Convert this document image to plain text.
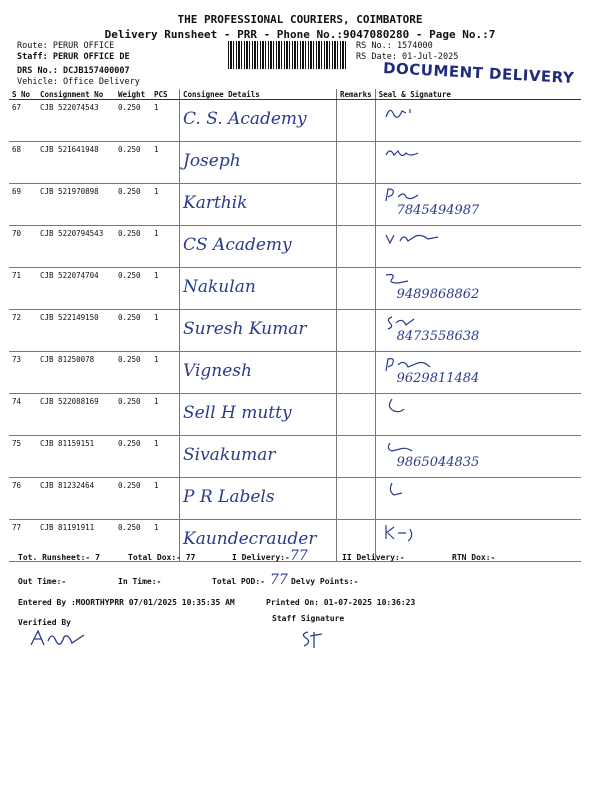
THE PROFESSIONAL COURIERS, COIMBATORE
Delivery Runsheet - PRR - Phone No.:9047080280 - Page No.:7
Route: PERUR OFFICE
Staff: PERUR OFFICE DE
DRS No.: DCJB157400007
Vehicle: Office Delivery
RS No.: 1574000
RS Date: 01-Jul-2025
DOCUMENT DELIVERY
S No	Consignment No	Weight	PCS	Consignee Details	Remarks	Seal & Signature
67	CJB 522074543	0.250	1	C. S. Academy		
68	CJB 521641948	0.250	1	Joseph		
69	CJB 521970898	0.250	1	Karthik		7845494987

70	CJB 5220794543	0.250	1	CS Academy		
71	CJB 522074704	0.250	1	Nakulan		9489868862

72	CJB 522149150	0.250	1	Suresh Kumar		8473558638

73	CJB 81250078	0.250	1	Vignesh		9629811484

74	CJB 522088169	0.250	1	Sell H mutty		
75	CJB 81159151	0.250	1	Sivakumar		9865044835

76	CJB 81232464	0.250	1	P R Labels		
77	CJB 81191911	0.250	1	Kaundecrauder		
Tot. Runsheet:- 7	Total Dox:- 77	I Delivery:- 77	II Delivery:-	RTN Dox:-
Out Time:-	In Time:-	Total POD:- 77 Delvy Points:-
Entered By :MOORTHYPRR 07/01/2025 10:35:35 AM	Printed On: 01-07-2025 10:36:23
Verified By	Staff Signature
